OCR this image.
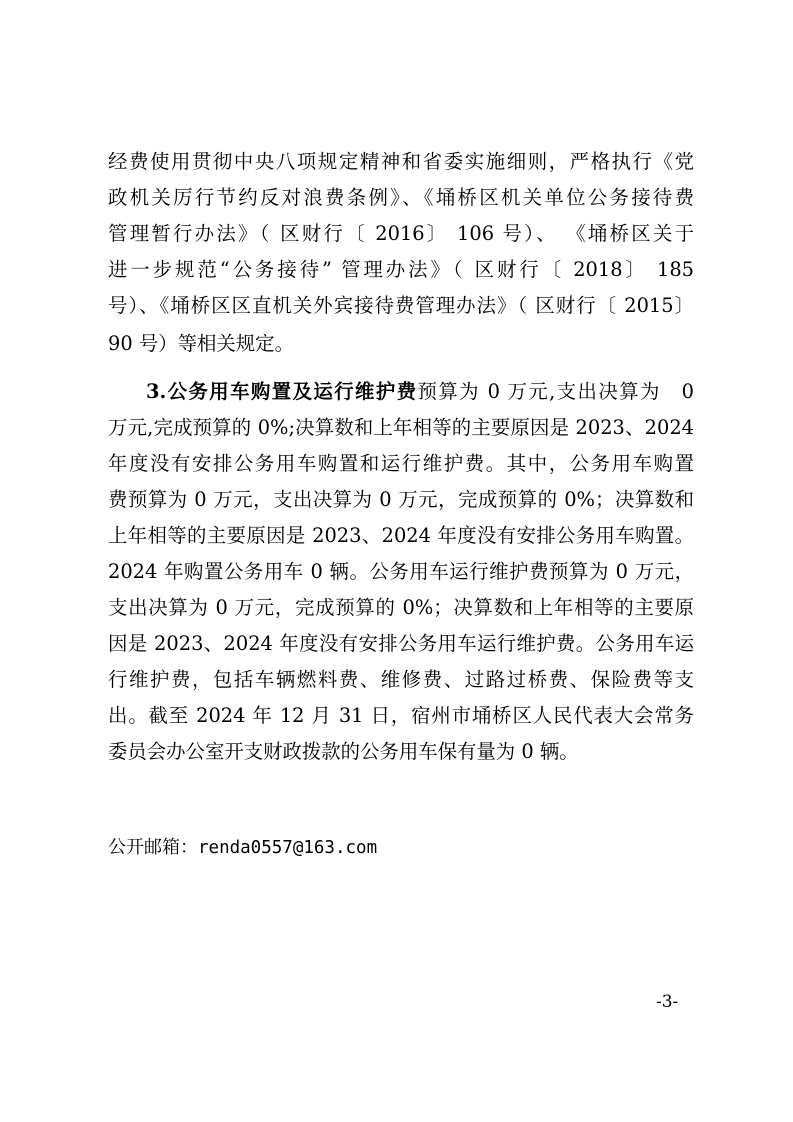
经费使用贯彻中央八项规定精神和省委实施细则，严格执行《党
政机关厉行节约反对浪费条例》、《埇桥区机关单位公务接待费
管理暂行办法》（ 区财行〔 2016〕 106 号）、 《埇桥区关于
进一步规范“公务接待” 管理办法》（ 区财行〔 2018〕 185
号）、《埇桥区区直机关外宾接待费管理办法》（ 区财行〔 2015〕
90 号）等相关规定。
3.公务用车购置及运行维护费预算为 0 万元,支出决算为　0
万元,完成预算的 0%;决算数和上年相等的主要原因是 2023、2024
年度没有安排公务用车购置和运行维护费。其中，公务用车购置
费预算为 0 万元，支出决算为 0 万元，完成预算的 0%；决算数和
上年相等的主要原因是 2023、2024 年度没有安排公务用车购置。
2024 年购置公务用车 0 辆。公务用车运行维护费预算为 0 万元，
支出决算为 0 万元，完成预算的 0%；决算数和上年相等的主要原
因是 2023、2024 年度没有安排公务用车运行维护费。公务用车运
行维护费，包括车辆燃料费、维修费、过路过桥费、保险费等支
出。截至 2024 年 12 月 31 日，宿州市埇桥区人民代表大会常务
委员会办公室开支财政拨款的公务用车保有量为 0 辆。
公开邮箱：renda0557@163.com
-3-
